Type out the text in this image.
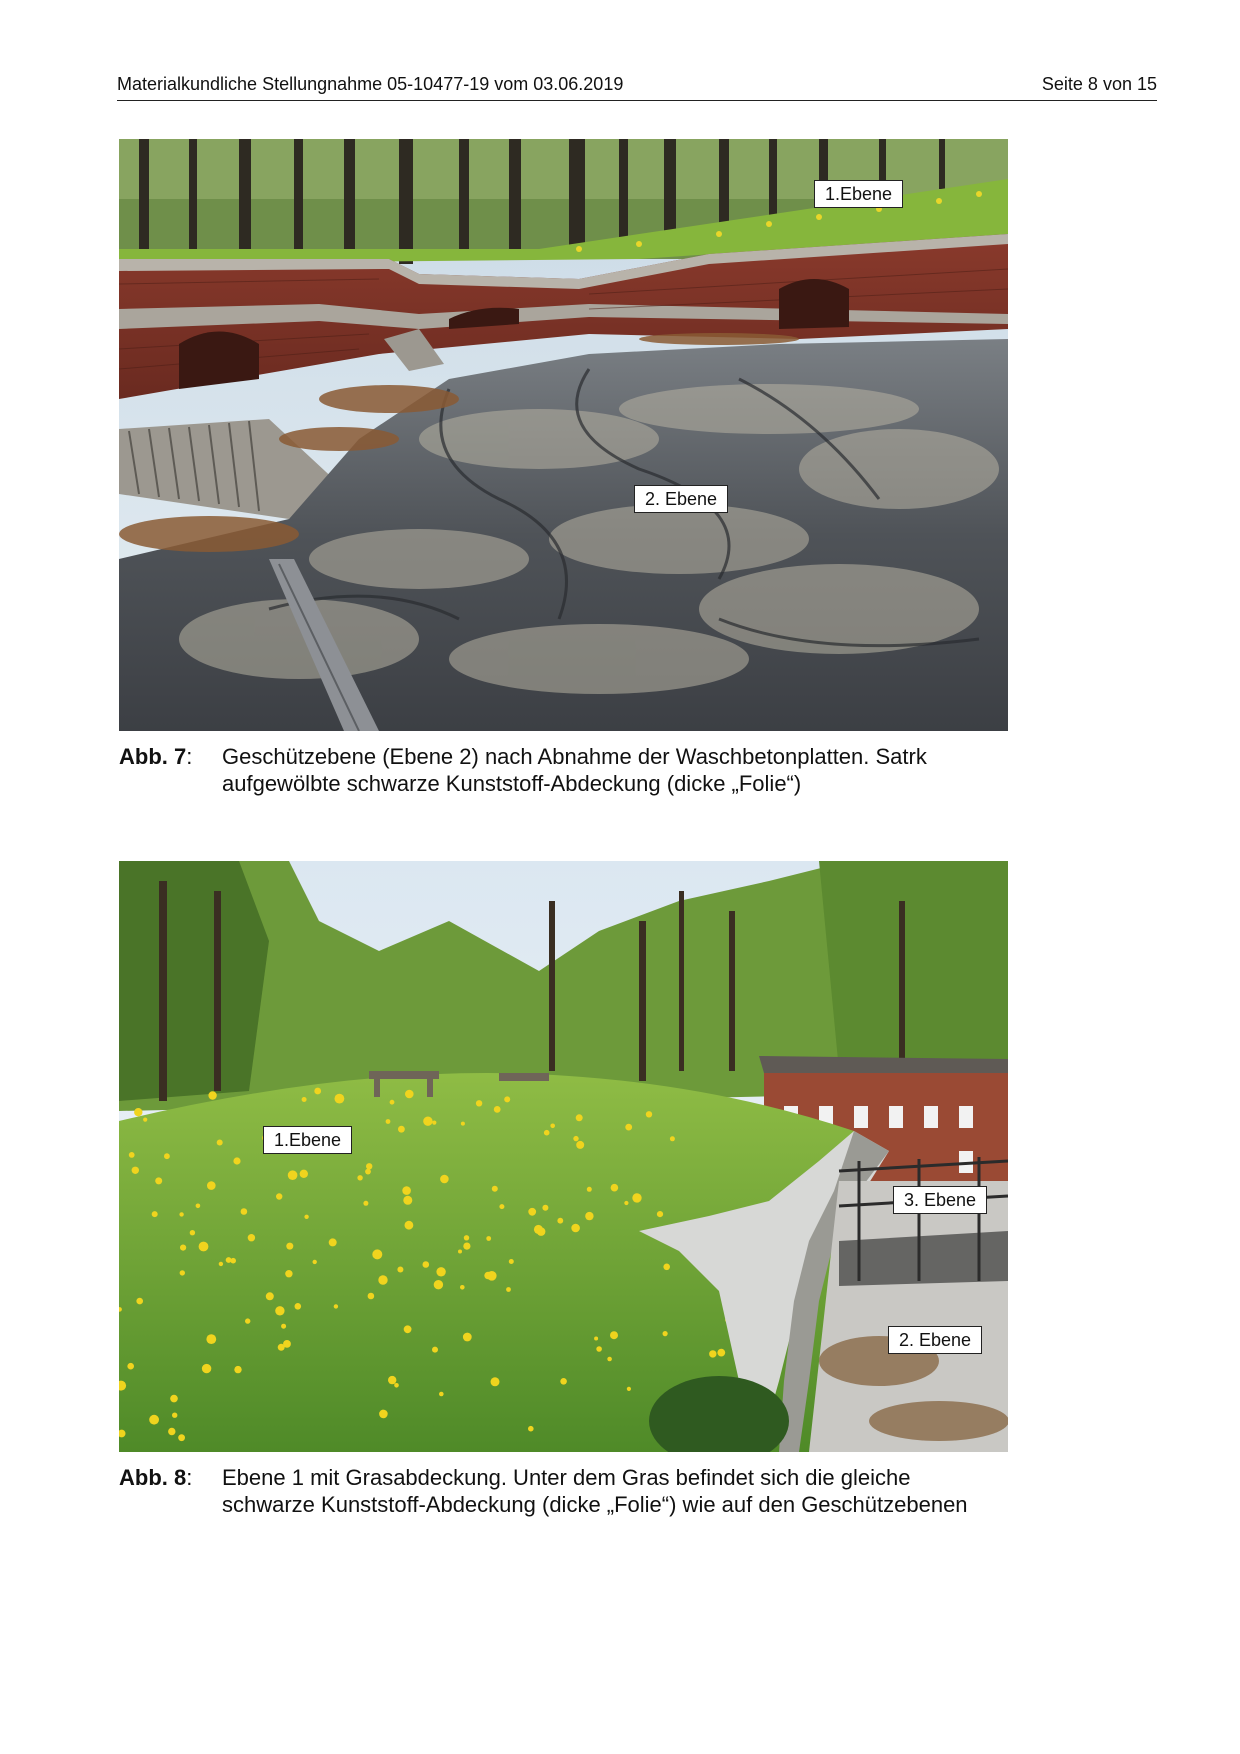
Materialkundliche Stellungnahme 05-10477-19 vom 03.06.2019	Seite 8 von 15
1.Ebene
2. Ebene
Abb. 7: Geschützebene (Ebene 2) nach Abnahme der Waschbetonplatten. Satrk
aufgewölbte schwarze Kunststoff-Abdeckung (dicke „Folie“)
1.Ebene
3. Ebene
2. Ebene
Abb. 8: Ebene 1 mit Grasabdeckung. Unter dem Gras befindet sich die gleiche
schwarze Kunststoff-Abdeckung (dicke „Folie“) wie auf den Geschützebenen
